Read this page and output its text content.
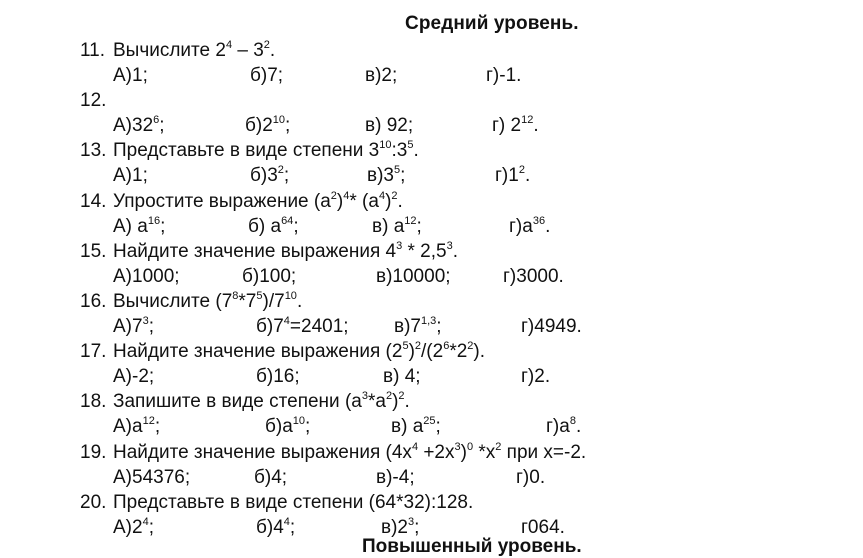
Средний уровень.
11. Вычислите $2^4 - 3^2$.
А)1;	б)7;	в)2;	г)-1.
12.
$А)32^6$;	$б)2^{10}$;	в) 92;	г) $2^{12}$.
13. Представьте в виде степени $3^{10}:3^5$.
А)1;	$б)3^2$;	$в)3^5$;	$г)1^2$.
14. Упростите выражение $(а^2)^4*$ $(а^4)^2$.
А) $а^{16}$;	б) $а^{64}$;	в) $а^{12}$;	$г)а^{36}$.
15. Найдите значение выражения $4^3 * 2,5^3$.
А)1000;	б)100;	в)10000;	г)3000.
16. Вычислите $(7^8*7^5)/7^{10}$.
$А)7^3$;	$б)7^4=2401$; в)7$^{1,3}$;	г)4949.
17. Найдите значение выражения $(2^5)^2/(2^6*2^2)$.
А)-2;	б)16;	в) 4;	г)2.
18. Запишите в виде степени $(а^3*а^2)^2$.
$А)а^{12}$;	$б)а^{10}$;	в) $а^{25}$;	$г)а^8$.
19. Найдите значение выражения $(4x^4 +2x^3)^0$ $*x^2$ при x=-2.
А)54376;	б)4;	в)-4;	г)0.
20. Представьте в виде степени (64*32):128.
$А)2^4$;	$б)4^4$;	$в)2^3$;	г064.
Повышенный уровень.
